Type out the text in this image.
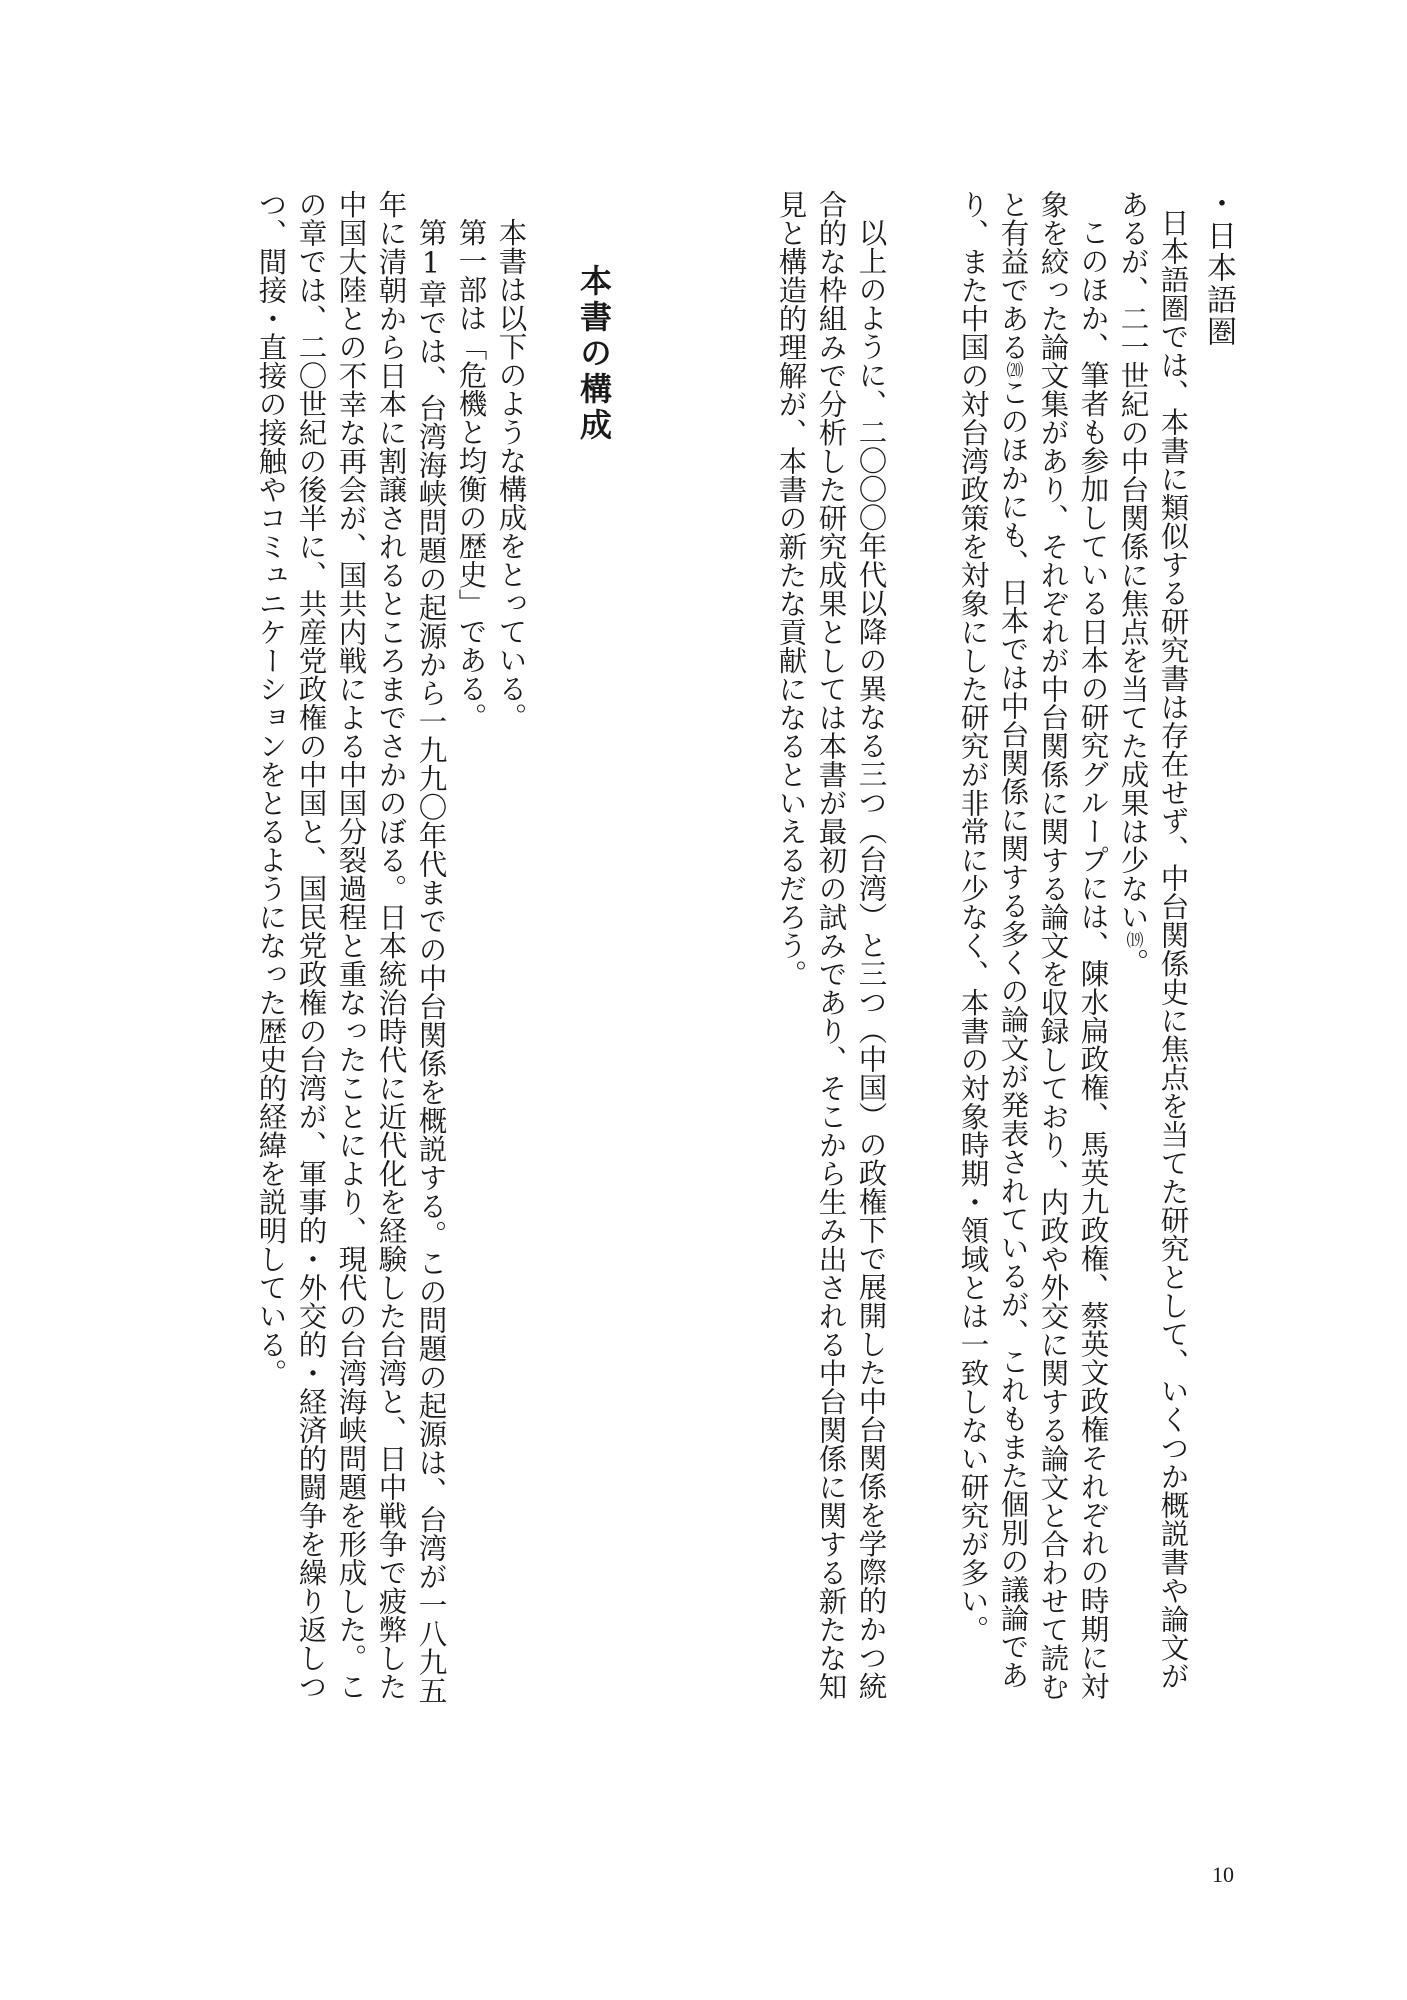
・日本語圏

日本語圏では、本書に類似する研究書は存在せず、中台関係史に焦点を当てた研究として、いくつか概説書や論文が

あるが、二一世紀の中台関係に焦点を当てた成果は少ない⒆。

このほか、筆者も参加している日本の研究グループには、陳水扁政権、馬英九政権、蔡英文政権それぞれの時期に対

象を絞った論文集があり、それぞれが中台関係に関する論文を収録しており、内政や外交に関する論文と合わせて読む

と有益である⒇このほかにも、日本では中台関係に関する多くの論文が発表されているが、これもまた個別の議論であ

り、また中国の対台湾政策を対象にした研究が非常に少なく、本書の対象時期・領域とは一致しない研究が多い。

以上のように、二〇〇〇年代以降の異なる三つ（台湾）と三つ（中国）の政権下で展開した中台関係を学際的かつ統

合的な枠組みで分析した研究成果としては本書が最初の試みであり、そこから生み出される中台関係に関する新たな知

見と構造的理解が、本書の新たな貢献になるといえるだろう。

本書の構成

本書は以下のような構成をとっている。

第一部は「危機と均衡の歴史」である。

第1章では、台湾海峡問題の起源から一九九〇年代までの中台関係を概説する。この問題の起源は、台湾が一八九五

年に清朝から日本に割譲されるところまでさかのぼる。日本統治時代に近代化を経験した台湾と、日中戦争で疲弊した

中国大陸との不幸な再会が、国共内戦による中国分裂過程と重なったことにより、現代の台湾海峡問題を形成した。こ

の章では、二〇世紀の後半に、共産党政権の中国と、国民党政権の台湾が、軍事的・外交的・経済的闘争を繰り返しつ

つ、間接・直接の接触やコミュニケーションをとるようになった歴史的経緯を説明している。

10
